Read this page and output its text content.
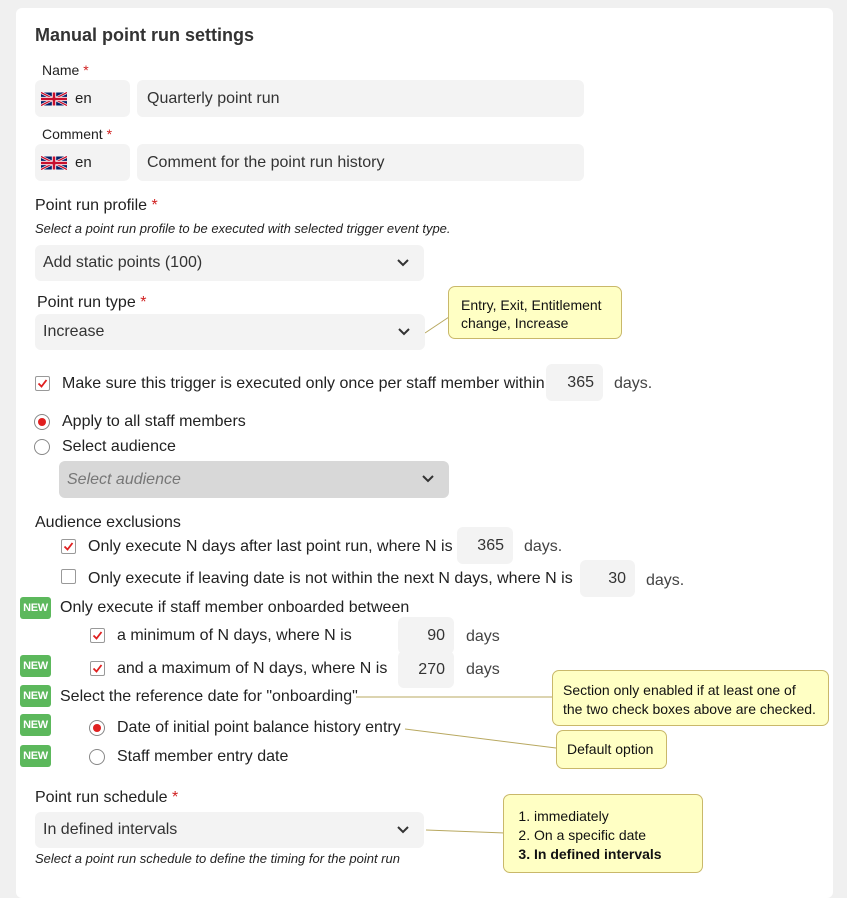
Manual point run settings
Name *
en	Quarterly point run
Comment *
en	Comment for the point run history
Point run profile *
Select a point run profile to be executed with selected trigger event type.
Add static points (100)
Point run type *
Increase
Entry, Exit, Entitlement change, Increase
Make sure this trigger is executed only once per staff member within	365	days.
Apply to all staff members
Select audience
Select audience
Audience exclusions
Only execute N days after last point run, where N is	365	days.
Only execute if leaving date is not within the next N days, where N is	30	days.
NEW Only execute if staff member onboarded between
a minimum of N days, where N is	90	days
NEW	and a maximum of N days, where N is	270	days
NEW Select the reference date for "onboarding"	Section only enabled if at least one of the two check boxes above are checked.
NEW	Date of initial point balance history entry
Default option
NEW	Staff member entry date
Point run schedule *
In defined intervals
Select a point run schedule to define the timing for the point run
1. immediately
2. On a specific date
3. In defined intervals
